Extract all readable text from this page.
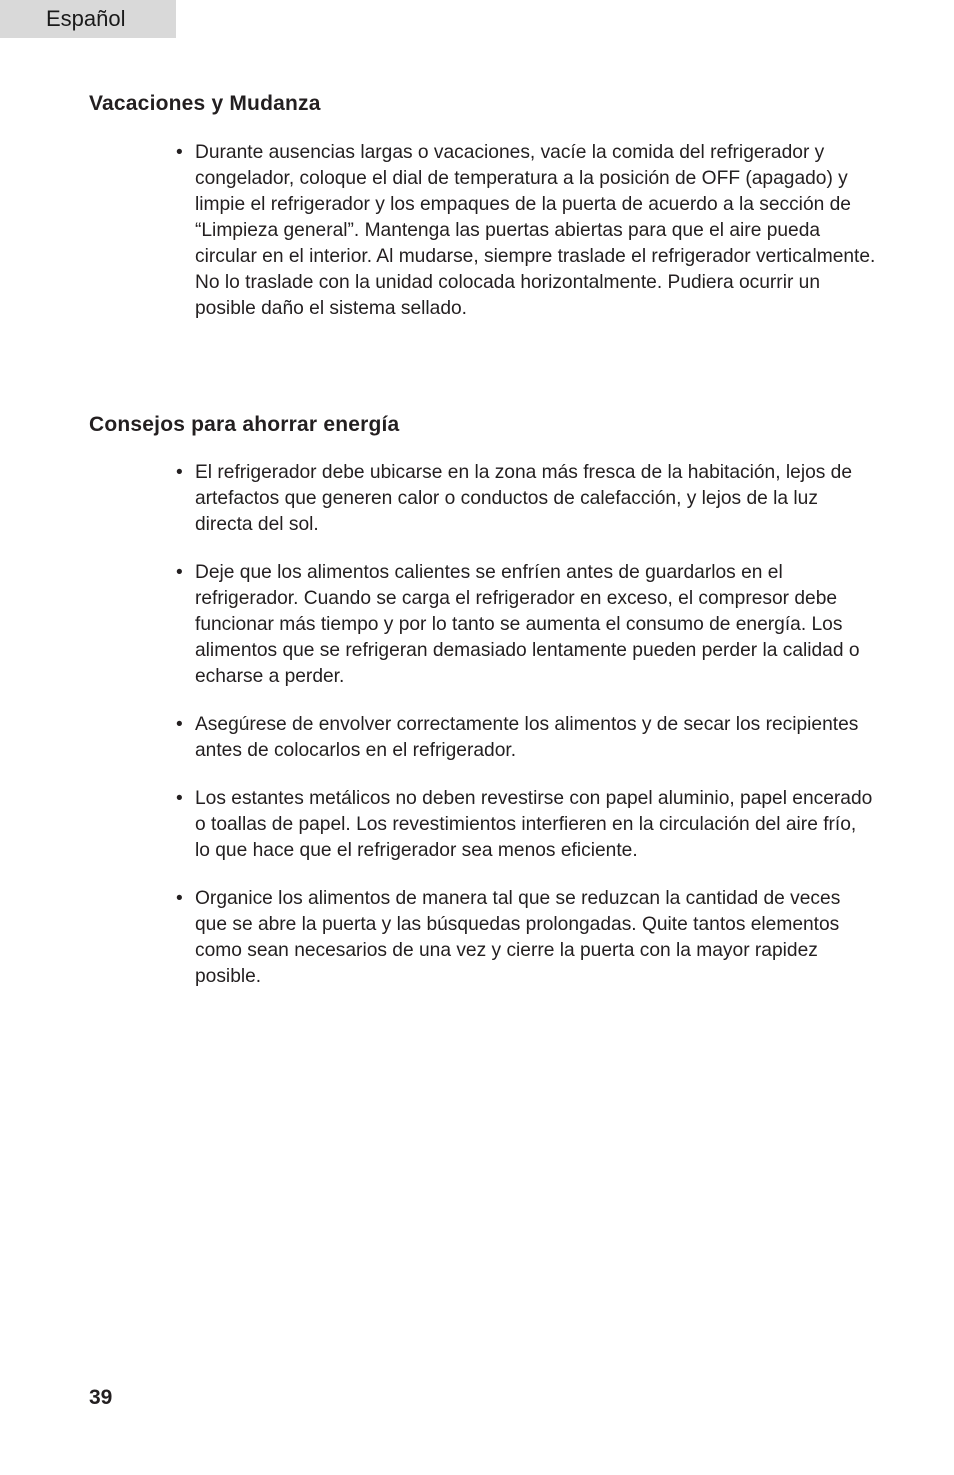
Español
Vacaciones y Mudanza
• Durante ausencias largas o vacaciones, vacíe la comida del refrigerador y congelador, coloque el dial de temperatura a la posición de OFF (apagado) y limpie el refrigerador y los empaques de la puerta de acuerdo a la sección de “Limpieza general”. Mantenga las puertas abiertas para que el aire pueda circular en el interior. Al mudarse, siempre traslade el refrigerador verticalmente. No lo traslade con la unidad colocada horizontalmente. Pudiera ocurrir un posible daño el sistema sellado.
Consejos para ahorrar energía
• El refrigerador debe ubicarse en la zona más fresca de la habitación, lejos de artefactos que generen calor o conductos de calefacción, y lejos de la luz directa del sol.
• Deje que los alimentos calientes se enfríen antes de guardarlos en el refrigerador. Cuando se carga el refrigerador en exceso, el compresor debe funcionar más tiempo y por lo tanto se aumenta el consumo de energía. Los alimentos que se refrigeran demasiado lentamente pueden perder la calidad o echarse a perder.
• Asegúrese de envolver correctamente los alimentos y de secar los recipientes antes de colocarlos en el refrigerador.
• Los estantes metálicos no deben revestirse con papel aluminio, papel encerado o toallas de papel. Los revestimientos interfieren en la circulación del aire frío, lo que hace que el refrigerador sea menos eficiente.
• Organice los alimentos de manera tal que se reduzcan la cantidad de veces que se abre la puerta y las búsquedas prolongadas. Quite tantos elementos como sean necesarios de una vez y cierre la puerta con la mayor rapidez posible.
39
